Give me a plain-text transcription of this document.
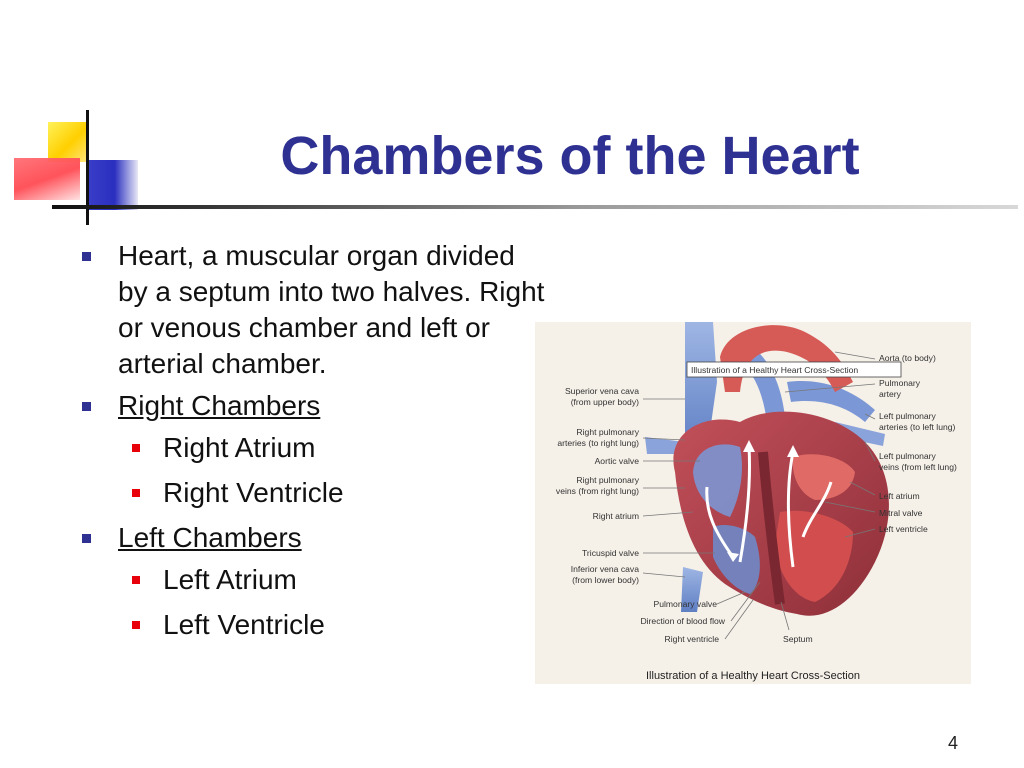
Chambers of the Heart
Heart, a muscular organ divided by a septum into two halves. Right or venous chamber and left or arterial chamber.
Right Chambers
Right Atrium
Right Ventricle
Left Chambers
Left Atrium
Left Ventricle
Illustration of a Healthy Heart Cross-Section
Superior vena cava
(from upper body)
Right pulmonary
arteries (to right lung)
Aortic valve
Right pulmonary
veins (from right lung)
Right atrium
Tricuspid valve
Inferior vena cava
(from lower body)
Pulmonary valve
Direction of blood flow
Right ventricle	Septum
Aorta (to body)
Pulmonary
artery
Left pulmonary
arteries (to left lung)
Left pulmonary
veins (from left lung)
Left atrium
Mitral valve
Left ventricle
Illustration of a Healthy Heart Cross-Section
4
